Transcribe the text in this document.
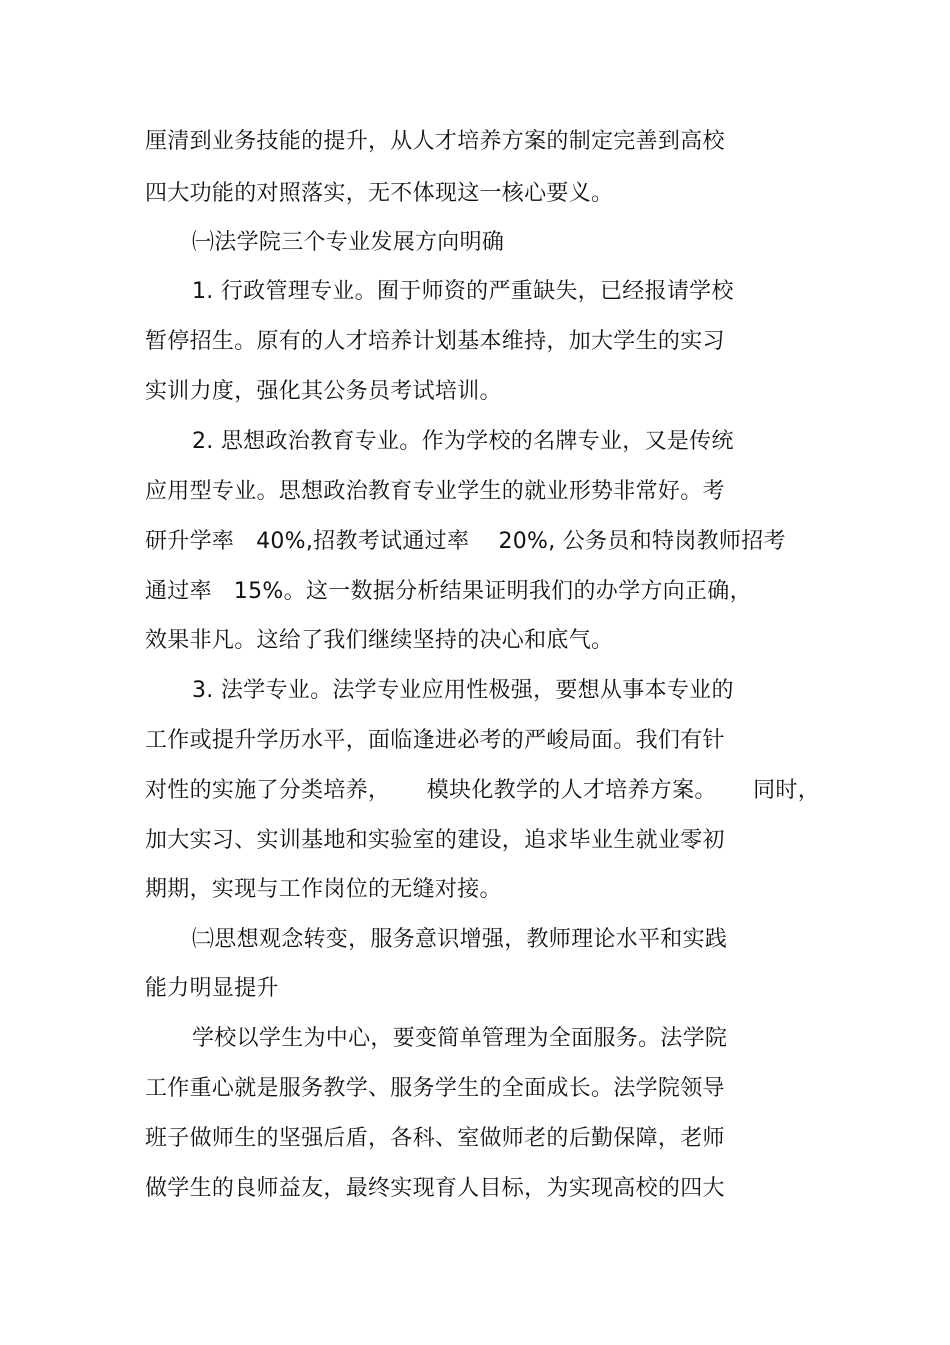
厘清到业务技能的提升，从人才培养方案的制定完善到高校
四大功能的对照落实，无不体现这一核心要义。
㈠法学院三个专业发展方向明确
1. 行政管理专业。囿于师资的严重缺失，已经报请学校
暂停招生。原有的人才培养计划基本维持，加大学生的实习
实训力度，强化其公务员考试培训。
2. 思想政治教育专业。作为学校的名牌专业，又是传统
应用型专业。思想政治教育专业学生的就业形势非常好。考
研升学率   40%,招教考试通过率    20%, 公务员和特岗教师招考
通过率   15%。这一数据分析结果证明我们的办学方向正确，
效果非凡。这给了我们继续坚持的决心和底气。
3. 法学专业。法学专业应用性极强，要想从事本专业的
工作或提升学历水平，面临逢进必考的严峻局面。我们有针
对性的实施了分类培养，     模块化教学的人才培养方案。     同时，
加大实习、实训基地和实验室的建设，追求毕业生就业零初
期期，实现与工作岗位的无缝对接。
㈡思想观念转变，服务意识增强，教师理论水平和实践
能力明显提升
学校以学生为中心，要变简单管理为全面服务。法学院
工作重心就是服务教学、服务学生的全面成长。法学院领导
班子做师生的坚强后盾，各科、室做师老的后勤保障，老师
做学生的良师益友，最终实现育人目标，为实现高校的四大
